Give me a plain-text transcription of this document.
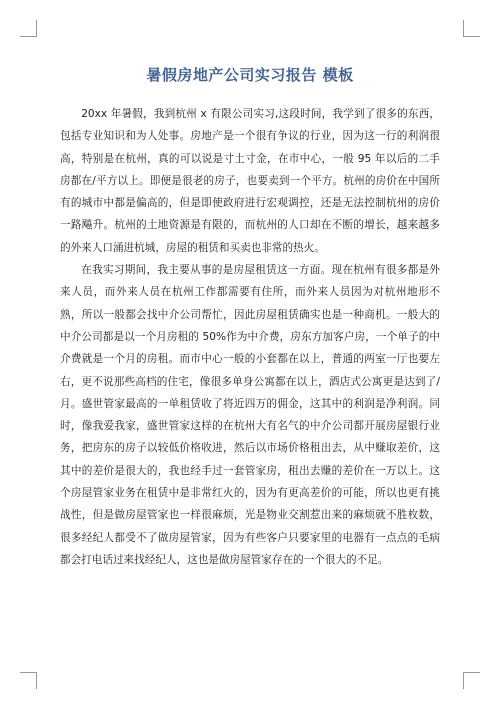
暑假房地产公司实习报告 模板

20xx 年暑假，我到杭州 x 有限公司实习,这段时间，我学到了很多的东西，包括专业知识和为人处事。房地产是一个很有争议的行业，因为这一行的利润很高，特别是在杭州，真的可以说是寸土寸金，在市中心，一般 95 年以后的二手房都在/平方以上。即便是很老的房子，也要卖到一个平方。杭州的房价在中国所有的城市中都是偏高的，但是即使政府进行宏观调控，还是无法控制杭州的房价一路飚升。杭州的土地资源是有限的，而杭州的人口却在不断的增长，越来越多的外来人口涌进杭城，房屋的租赁和买卖也非常的热火。

在我实习期间，我主要从事的是房屋租赁这一方面。现在杭州有很多都是外来人员，而外来人员在杭州工作都需要有住所，而外来人员因为对杭州地形不熟，所以一般都会找中介公司帮忙，因此房屋租赁确实也是一种商机。一般大的中介公司都是以一个月房租的 50%作为中介费，房东方加客户房，一个单子的中介费就是一个月的房租。而市中心一般的小套都在以上，普通的两室一厅也要左右，更不说那些高档的住宅，像很多单身公寓都在以上，酒店式公寓更是达到了/月。盛世管家最高的一单租赁收了将近四万的佣金，这其中的利润是净利润。同时，像我爱我家，盛世管家这样的在杭州大有名气的中介公司都开展房屋银行业务，把房东的房子以较低价格收进，然后以市场价格租出去，从中赚取差价，这其中的差价是很大的，我也经手过一套管家房，租出去赚的差价在一万以上。这个房屋管家业务在租赁中是非常红火的，因为有更高差价的可能，所以也更有挑战性，但是做房屋管家也一样很麻烦，光是物业交割惹出来的麻烦就不胜枚数，很多经纪人都受不了做房屋管家，因为有些客户只要家里的电器有一点点的毛病都会打电话过来找经纪人，这也是做房屋管家存在的一个很大的不足。
